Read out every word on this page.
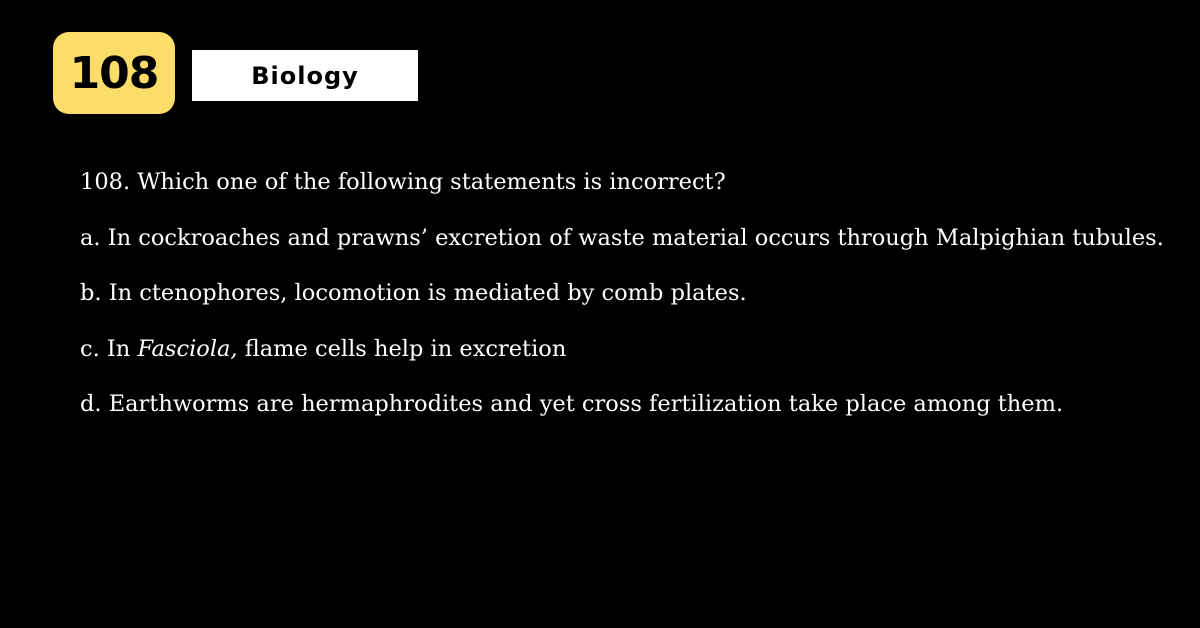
108	Biology
108. Which one of the following statements is incorrect?
a. In cockroaches and prawns’ excretion of waste material occurs through Malpighian tubules.
b. In ctenophores, locomotion is mediated by comb plates.
c. In Fasciola, flame cells help in excretion
d. Earthworms are hermaphrodites and yet cross fertilization take place among them.
